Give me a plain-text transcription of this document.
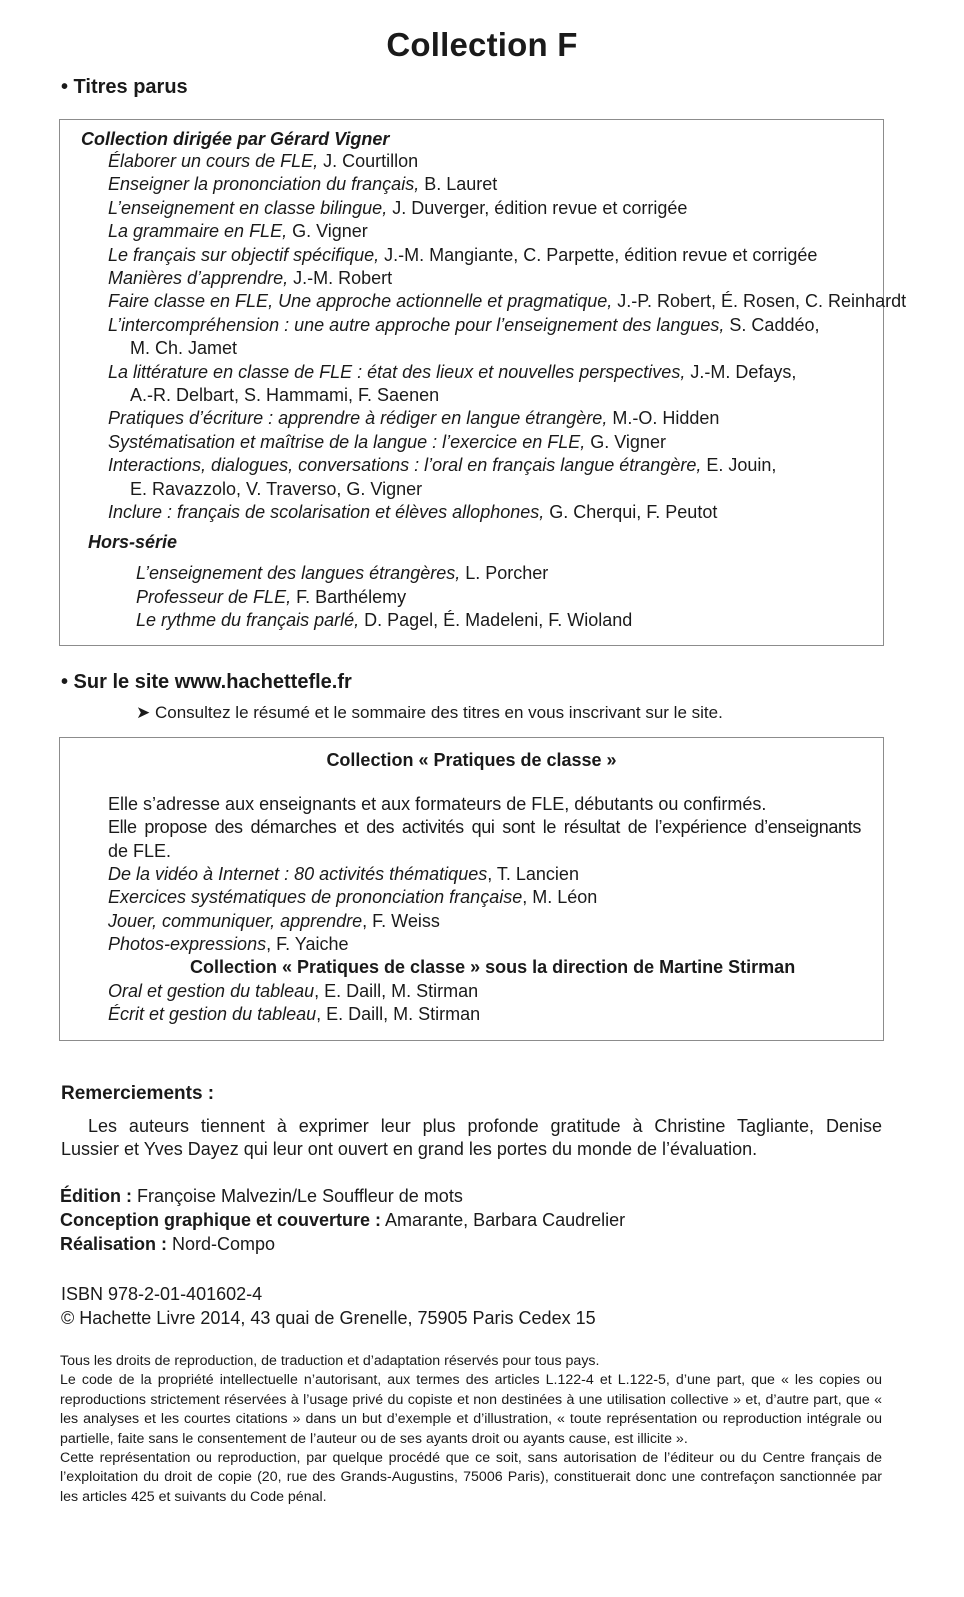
Collection F
• Titres parus
Collection dirigée par Gérard Vigner
Élaborer un cours de FLE, J. Courtillon
Enseigner la prononciation du français, B. Lauret
L’enseignement en classe bilingue, J. Duverger, édition revue et corrigée
La grammaire en FLE, G. Vigner
Le français sur objectif spécifique, J.-M. Mangiante, C. Parpette, édition revue et corrigée
Manières d’apprendre, J.-M. Robert
Faire classe en FLE, Une approche actionnelle et pragmatique, J.-P. Robert, É. Rosen, C. Reinhardt
L’intercompréhension : une autre approche pour l’enseignement des langues, S. Caddéo,
M. Ch. Jamet
La littérature en classe de FLE : état des lieux et nouvelles perspectives, J.-M. Defays,
A.-R. Delbart, S. Hammami, F. Saenen
Pratiques d’écriture : apprendre à rédiger en langue étrangère, M.-O. Hidden
Systématisation et maîtrise de la langue : l’exercice en FLE, G. Vigner
Interactions, dialogues, conversations : l’oral en français langue étrangère, E. Jouin,
E. Ravazzolo, V. Traverso, G. Vigner
Inclure : français de scolarisation et élèves allophones, G. Cherqui, F. Peutot
Hors-série
L’enseignement des langues étrangères, L. Porcher
Professeur de FLE, F. Barthélemy
Le rythme du français parlé, D. Pagel, É. Madeleni, F. Wioland
• Sur le site www.hachettefle.fr
➤ Consultez le résumé et le sommaire des titres en vous inscrivant sur le site.
Collection « Pratiques de classe »
Elle s’adresse aux enseignants et aux formateurs de FLE, débutants ou confirmés.
Elle propose des démarches et des activités qui sont le résultat de l’expérience d’enseignants
de FLE.
De la vidéo à Internet : 80 activités thématiques, T. Lancien
Exercices systématiques de prononciation française, M. Léon
Jouer, communiquer, apprendre, F. Weiss
Photos-expressions, F. Yaiche
Collection « Pratiques de classe » sous la direction de Martine Stirman
Oral et gestion du tableau, E. Daill, M. Stirman
Écrit et gestion du tableau, E. Daill, M. Stirman
Remerciements :
Les auteurs tiennent à exprimer leur plus profonde gratitude à Christine Tagliante, Denise
Lussier et Yves Dayez qui leur ont ouvert en grand les portes du monde de l’évaluation.
Édition : Françoise Malvezin/Le Souffleur de mots
Conception graphique et couverture : Amarante, Barbara Caudrelier
Réalisation : Nord-Compo
ISBN 978-2-01-401602-4
© Hachette Livre 2014, 43 quai de Grenelle, 75905 Paris Cedex 15
Tous les droits de reproduction, de traduction et d’adaptation réservés pour tous pays.
Le code de la propriété intellectuelle n’autorisant, aux termes des articles L.122-4 et L.122-5, d’une part, que « les copies ou reproductions strictement réservées à l’usage privé du copiste et non destinées à une utilisation collective » et, d’autre part, que « les analyses et les courtes citations » dans un but d’exemple et d’illustration, « toute représentation ou reproduction intégrale ou partielle, faite sans le consentement de l’auteur ou de ses ayants droit ou ayants cause, est illicite ».
Cette représentation ou reproduction, par quelque procédé que ce soit, sans autorisation de l’éditeur ou du Centre français de l’exploitation du droit de copie (20, rue des Grands-Augustins, 75006 Paris), constituerait donc une contrefaçon sanctionnée par les articles 425 et suivants du Code pénal.
